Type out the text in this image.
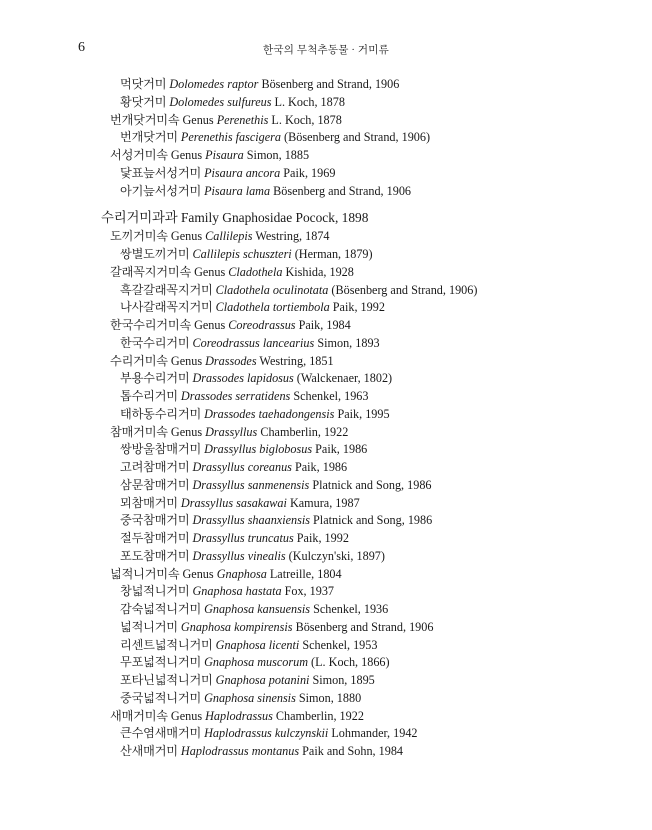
6	한국의 무척추동물 · 거미류
먹닷거미 Dolomedes raptor Bösenberg and Strand, 1906
황닷거미 Dolomedes sulfureus L. Koch, 1878
번개닷거미속 Genus Perenethis L. Koch, 1878
번개닷거미 Perenethis fascigera (Bösenberg and Strand, 1906)
서성거미속 Genus Pisaura Simon, 1885
닻표늪서성거미 Pisaura ancora Paik, 1969
아기늪서성거미 Pisaura lama Bösenberg and Strand, 1906
수리거미과과 Family Gnaphosidae Pocock, 1898
도끼거미속 Genus Callilepis Westring, 1874
쌍별도끼거미 Callilepis schuszteri (Herman, 1879)
갈래꼭지거미속 Genus Cladothela Kishida, 1928
흑갈갈래꼭지거미 Cladothela oculinotata (Bösenberg and Strand, 1906)
나사갈래꼭지거미 Cladothela tortiembola Paik, 1992
한국수리거미속 Genus Coreodrassus Paik, 1984
한국수리거미 Coreodrassus lancearius Simon, 1893
수리거미속 Genus Drassodes Westring, 1851
부용수리거미 Drassodes lapidosus (Walckenaer, 1802)
톱수리거미 Drassodes serratidens Schenkel, 1963
태하동수리거미 Drassodes taehadongensis Paik, 1995
참매거미속 Genus Drassyllus Chamberlin, 1922
쌍방울참매거미 Drassyllus biglobosus Paik, 1986
고려참매거미 Drassyllus coreanus Paik, 1986
삼문참매거미 Drassyllus sanmenensis Platnick and Song, 1986
뫼참매거미 Drassyllus sasakawai Kamura, 1987
중국참매거미 Drassyllus shaanxiensis Platnick and Song, 1986
절두참매거미 Drassyllus truncatus Paik, 1992
포도참매거미 Drassyllus vinealis (Kulczyn'ski, 1897)
넓적니거미속 Genus Gnaphosa Latreille, 1804
창넓적니거미 Gnaphosa hastata Fox, 1937
감숙넓적니거미 Gnaphosa kansuensis Schenkel, 1936
넓적니거미 Gnaphosa kompirensis Bösenberg and Strand, 1906
리센트넓적니거미 Gnaphosa licenti Schenkel, 1953
무포넓적니거미 Gnaphosa muscorum (L. Koch, 1866)
포타닌넓적니거미 Gnaphosa potanini Simon, 1895
중국넓적니거미 Gnaphosa sinensis Simon, 1880
새매거미속 Genus Haplodrassus Chamberlin, 1922
큰수염새매거미 Haplodrassus kulczynskii Lohmander, 1942
산새매거미 Haplodrassus montanus Paik and Sohn, 1984
